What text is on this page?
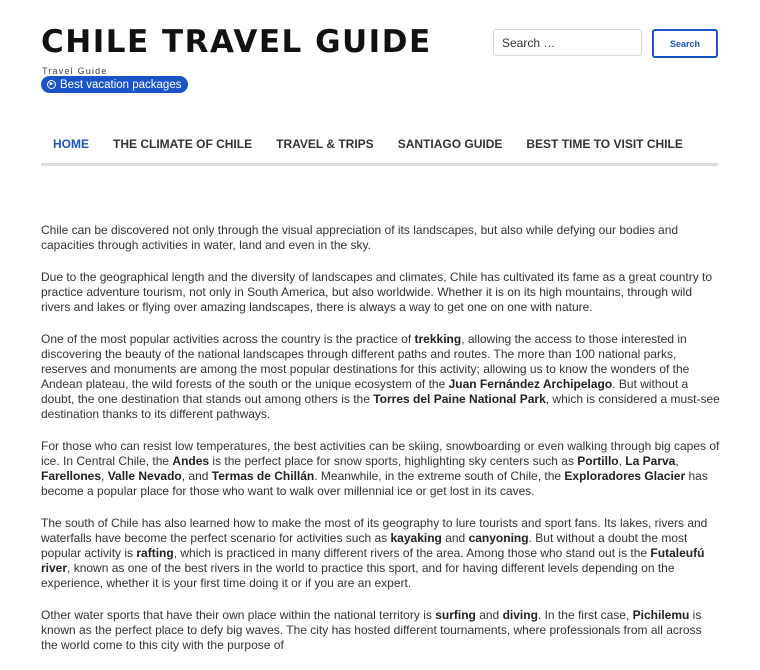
CHILE TRAVEL GUIDE
Travel Guide
▶ Best vacation packages
Search …
Search
HOME THE CLIMATE OF CHILE TRAVEL & TRIPS SANTIAGO GUIDE BEST TIME TO VISIT CHILE

Chile can be discovered not only through the visual appreciation of its landscapes, but also while defying our bodies and capacities through activities in water, land and even in the sky.

Due to the geographical length and the diversity of landscapes and climates, Chile has cultivated its fame as a great country to practice adventure tourism, not only in South America, but also worldwide. Whether it is on its high mountains, through wild rivers and lakes or flying over amazing landscapes, there is always a way to get one on one with nature.

One of the most popular activities across the country is the practice of trekking, allowing the access to those interested in discovering the beauty of the national landscapes through different paths and routes. The more than 100 national parks, reserves and monuments are among the most popular destinations for this activity; allowing us to know the wonders of the Andean plateau, the wild forests of the south or the unique ecosystem of the Juan Fernández Archipelago. But without a doubt, the one destination that stands out among others is the Torres del Paine National Park, which is considered a must-see destination thanks to its different pathways.

For those who can resist low temperatures, the best activities can be skiing, snowboarding or even walking through big capes of ice. In Central Chile, the Andes is the perfect place for snow sports, highlighting sky centers such as Portillo, La Parva, Farellones, Valle Nevado, and Termas de Chillán. Meanwhile, in the extreme south of Chile, the Exploradores Glacier has become a popular place for those who want to walk over millennial ice or get lost in its caves.

The south of Chile has also learned how to make the most of its geography to lure tourists and sport fans. Its lakes, rivers and waterfalls have become the perfect scenario for activities such as kayaking and canyoning. But without a doubt the most popular activity is rafting, which is practiced in many different rivers of the area. Among those who stand out is the Futaleufú river, known as one of the best rivers in the world to practice this sport, and for having different levels depending on the experience, whether it is your first time doing it or if you are an expert.

Other water sports that have their own place within the national territory is surfing and diving. In the first case, Pichilemu is known as the perfect place to defy big waves. The city has hosted different tournaments, where professionals from all across the world come to this city with the purpose of
